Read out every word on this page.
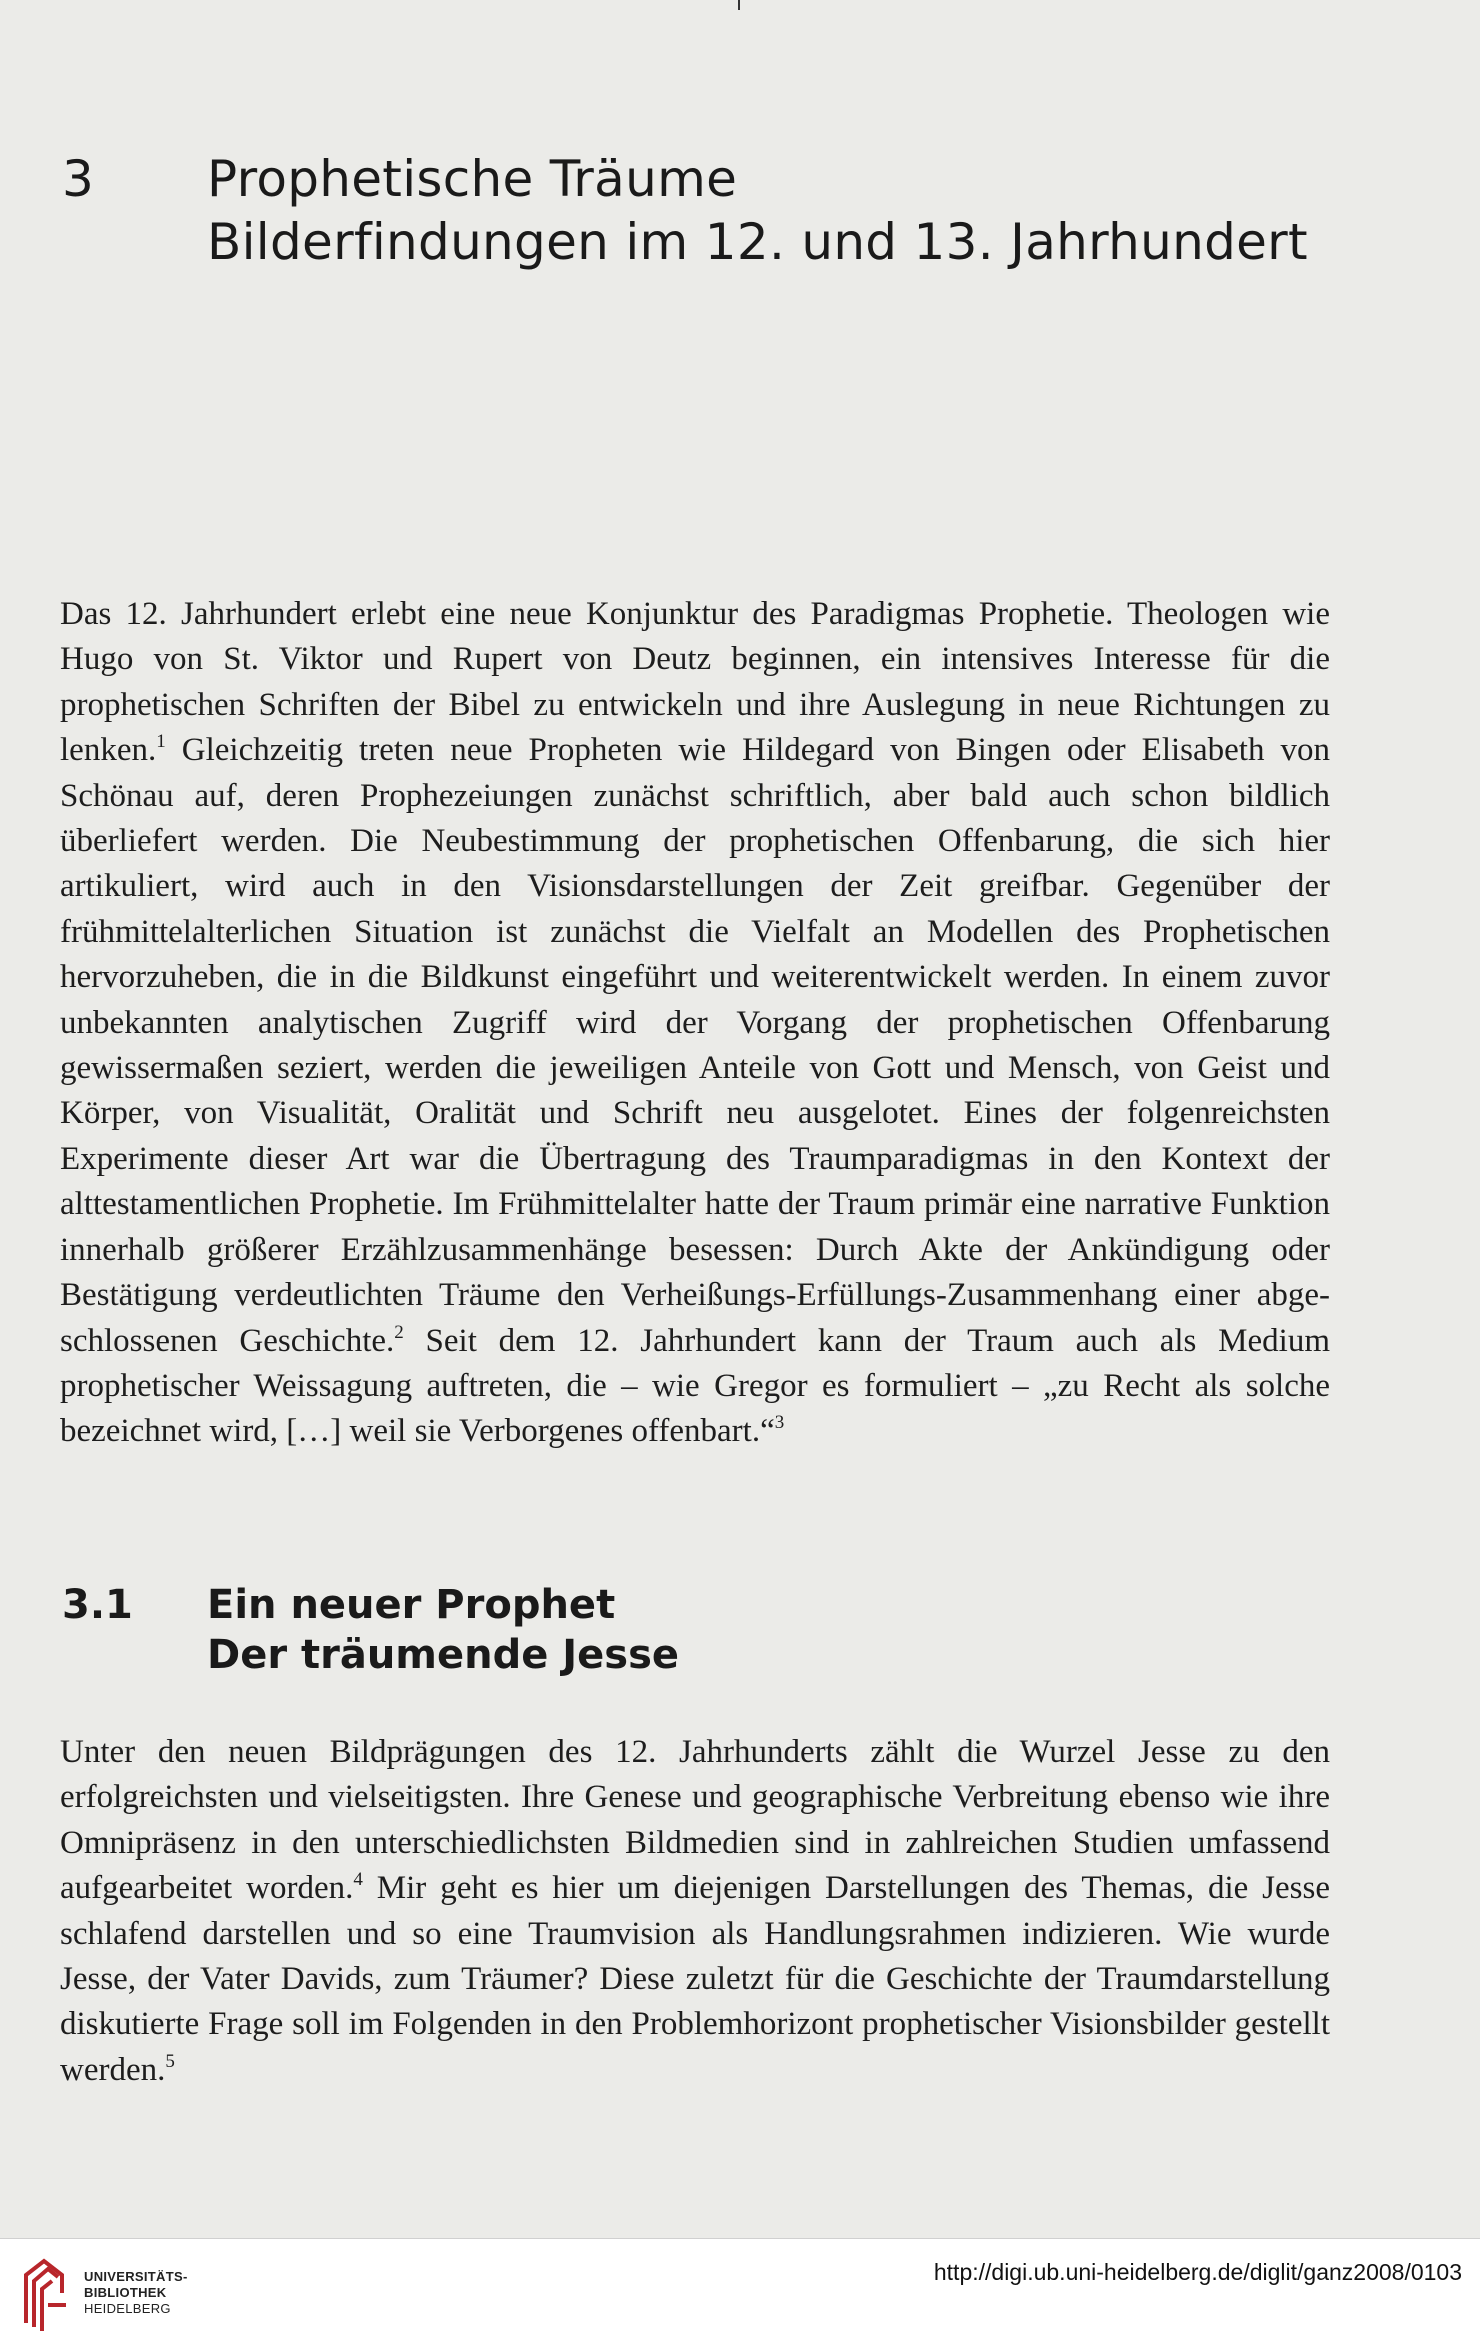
3 Prophetische Träume
Bilderfindungen im 12. und 13. Jahrhundert

Das 12. Jahrhundert erlebt eine neue Konjunktur des Paradigmas Prophetie. Theologen wie Hugo von St. Viktor und Rupert von Deutz beginnen, ein intensives Interesse für die prophetischen Schriften der Bibel zu entwickeln und ihre Auslegung in neue Richtungen zu lenken.$^1$ Gleichzeitig treten neue Propheten wie Hildegard von Bingen oder Elisabeth von Schönau auf, deren Prophezeiungen zunächst schriftlich, aber bald auch schon bildlich überliefert werden. Die Neubestimmung der prophetischen Offenbarung, die sich hier artikuliert, wird auch in den Visionsdarstellungen der Zeit greifbar. Gegenüber der frühmittelalterlichen Situation ist zunächst die Vielfalt an Modellen des Prophetischen hervorzuheben, die in die Bildkunst eingeführt und weiterentwickelt werden. In einem zuvor unbekannten analytischen Zugriff wird der Vorgang der prophetischen Offenbarung gewissermaßen seziert, werden die jeweiligen Anteile von Gott und Mensch, von Geist und Körper, von Visualität, Oralität und Schrift neu ausgelotet. Eines der folgenreichsten Experimente dieser Art war die Übertragung des Traumparadigmas in den Kontext der alttestamentlichen Prophetie. Im Frühmittelalter hatte der Traum primär eine narrative Funktion innerhalb größerer Erzählzusammenhänge besessen: Durch Akte der Ankündigung oder Bestätigung verdeutlichten Träume den Verheißungs-Erfüllungs-Zusammenhang einer abgeschlossenen Geschichte.$^2$ Seit dem 12. Jahrhundert kann der Traum auch als Medium prophetischer Weissagung auftreten, die – wie Gregor es formuliert – „zu Recht als solche bezeichnet wird, […] weil sie Verborgenes offenbart.“$^3$

3.1 Ein neuer Prophet
Der träumende Jesse

Unter den neuen Bildprägungen des 12. Jahrhunderts zählt die Wurzel Jesse zu den erfolgreichsten und vielseitigsten. Ihre Genese und geographische Verbreitung ebenso wie ihre Omnipräsenz in den unterschiedlichsten Bildmedien sind in zahlreichen Studien umfassend aufgearbeitet worden.$^4$ Mir geht es hier um diejenigen Darstellungen des Themas, die Jesse schlafend darstellen und so eine Traumvision als Handlungsrahmen indizieren. Wie wurde Jesse, der Vater Davids, zum Träumer? Diese zuletzt für die Geschichte der Traumdarstellung diskutierte Frage soll im Folgenden in den Problemhorizont prophetischer Visionsbilder gestellt werden.$^5$

UNIVERSITÄTS-
BIBLIOTHEK
HEIDELBERG
http://digi.ub.uni-heidelberg.de/diglit/ganz2008/0103
